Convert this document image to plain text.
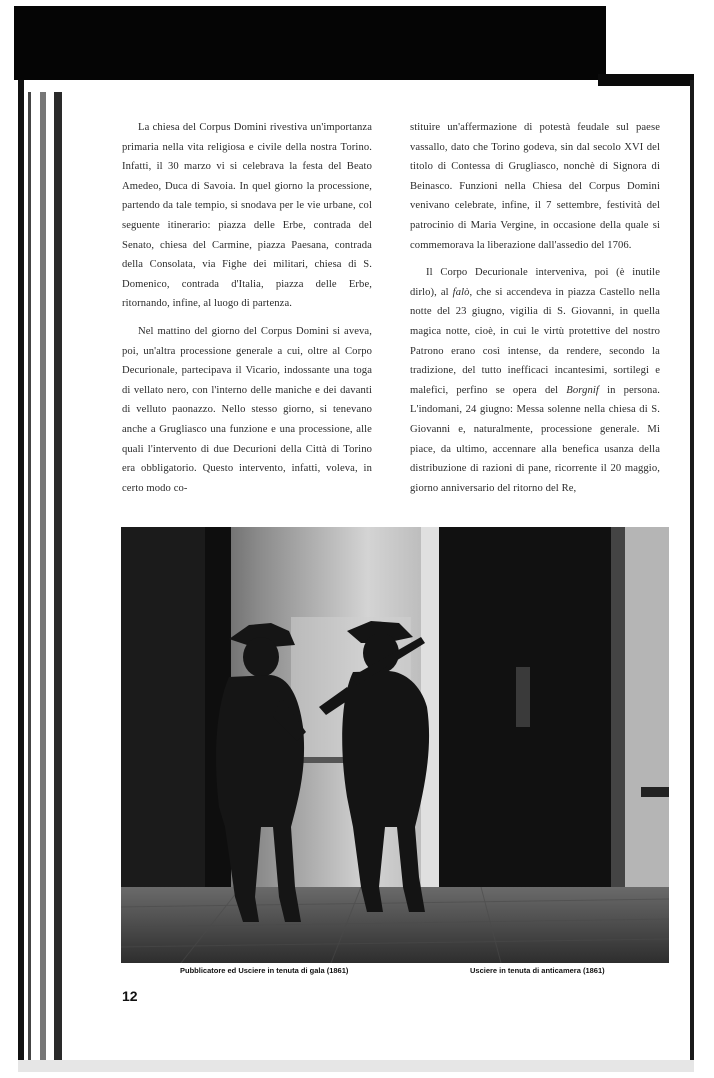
La chiesa del Corpus Domini rivestiva un'importanza primaria nella vita religiosa e civile della nostra Torino. Infatti, il 30 marzo vi si celebrava la festa del Beato Amedeo, Duca di Savoia. In quel giorno la processione, partendo da tale tempio, si snodava per le vie urbane, col seguente itinerario: piazza delle Erbe, contrada del Senato, chiesa del Carmine, piazza Paesana, contrada della Consolata, via Fighe dei militari, chiesa di S. Domenico, contrada d'Italia, piazza delle Erbe, ritornando, infine, al luogo di partenza.

Nel mattino del giorno del Corpus Domini si aveva, poi, un'altra processione generale a cui, oltre al Corpo Decurionale, partecipava il Vicario, indossante una toga di vellato nero, con l'interno delle maniche e dei davanti di velluto paonazzo. Nello stesso giorno, si tenevano anche a Grugliasco una funzione e una processione, alle quali l'intervento di due Decurioni della Città di Torino era obbligatorio. Questo intervento, infatti, voleva, in certo modo co-

stituire un'affermazione di potestà feudale sul paese vassallo, dato che Torino godeva, sin dal secolo XVI del titolo di Contessa di Grugliasco, nonchè di Signora di Beinasco. Funzioni nella Chiesa del Corpus Domini venivano celebrate, infine, il 7 settembre, festività del patrocinio di Maria Vergine, in occasione della quale si commemorava la liberazione dall'assedio del 1706.

Il Corpo Decurionale interveniva, poi (è inutile dirlo), al falò, che si accendeva in piazza Castello nella notte del 23 giugno, vigilia di S. Giovanni, in quella magica notte, cioè, in cui le virtù protettive del nostro Patrono erano così intense, da rendere, secondo la tradizione, del tutto inefficaci incantesimi, sortilegi e malefici, perfino se opera del Borgnif in persona. L'indomani, 24 giugno: Messa solenne nella chiesa di S. Giovanni e, naturalmente, processione generale. Mi piace, da ultimo, accennare alla benefica usanza della distribuzione di razioni di pane, ricorrente il 20 maggio, giorno anniversario del ritorno del Re,

Pubblicatore ed Usciere in tenuta di gala (1861)	Usciere in tenuta di anticamera (1861)
12
